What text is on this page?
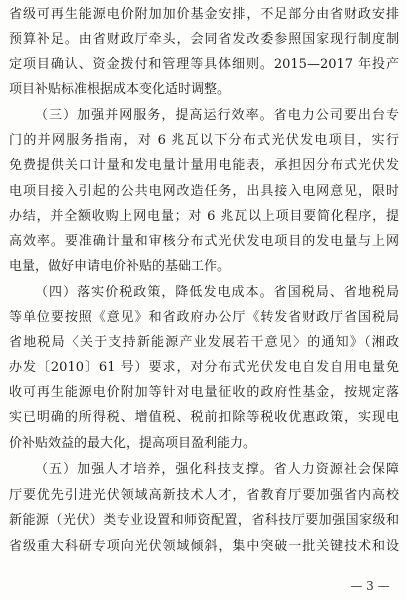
省级可再生能源电价附加加价基金安排，不足部分由省财政安排
预算补足。由省财政厅牵头，会同省发改委参照国家现行制度制
定项目确认、资金拨付和管理等具体细则。2015—2017 年投产
项目补贴标准根据成本变化适时调整。
（三）加强并网服务，提高运行效率。省电力公司要出台专
门的并网服务指南，对 6 兆瓦以下分布式光伏发电项目，实行
免费提供关口计量和发电量计量用电能表，承担因分布式光伏发
电项目接入引起的公共电网改造任务，出具接入电网意见，限时
办结，并全额收购上网电量；对 6 兆瓦以上项目要简化程序，提
高效率。要准确计量和审核分布式光伏发电项目的发电量与上网
电量，做好申请电价补贴的基础工作。
（四）落实价税政策，降低发电成本。省国税局、省地税局
等单位要按照《意见》和省政府办公厅《转发省财政厅省国税局
省地税局〈关于支持新能源产业发展若干意见〉的通知》（湘政
办发〔2010〕61 号）要求，对分布式光伏发电自发自用电量免
收可再生能源电价附加等针对电量征收的政府性基金，按规定落
实已明确的所得税、增值税、税前扣除等税收优惠政策，实现电
价补贴效益的最大化，提高项目盈利能力。
（五）加强人才培养，强化科技支撑。省人力资源社会保障
厅要优先引进光伏领域高新技术人才，省教育厅要加强省内高校
新能源（光伏）类专业设置和师资配置，省科技厅要加强国家级和
省级重大科研专项向光伏领域倾斜，集中突破一批关键技术和设
— 3 —
